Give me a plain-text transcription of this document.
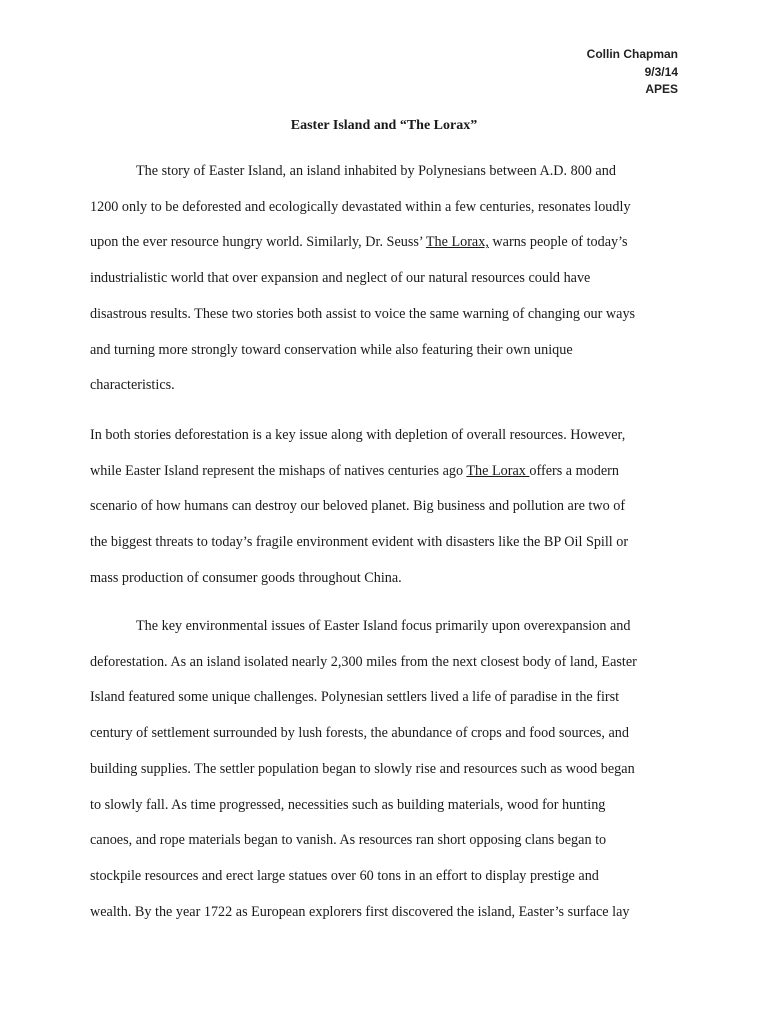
Collin Chapman
9/3/14
APES
Easter Island and “The Lorax”
The story of Easter Island, an island inhabited by Polynesians between A.D. 800 and
1200 only to be deforested and ecologically devastated within a few centuries, resonates loudly
upon the ever resource hungry world. Similarly, Dr. Seuss’ The Lorax, warns people of today’s
industrialistic world that over expansion and neglect of our natural resources could have
disastrous results. These two stories both assist to voice the same warning of changing our ways
and turning more strongly toward conservation while also featuring their own unique
characteristics.
In both stories deforestation is a key issue along with depletion of overall resources. However,
while Easter Island represent the mishaps of natives centuries ago The Lorax offers a modern
scenario of how humans can destroy our beloved planet. Big business and pollution are two of
the biggest threats to today’s fragile environment evident with disasters like the BP Oil Spill or
mass production of consumer goods throughout China.
The key environmental issues of Easter Island focus primarily upon overexpansion and
deforestation. As an island isolated nearly 2,300 miles from the next closest body of land, Easter
Island featured some unique challenges. Polynesian settlers lived a life of paradise in the first
century of settlement surrounded by lush forests, the abundance of crops and food sources, and
building supplies. The settler population began to slowly rise and resources such as wood began
to slowly fall. As time progressed, necessities such as building materials, wood for hunting
canoes, and rope materials began to vanish. As resources ran short opposing clans began to
stockpile resources and erect large statues over 60 tons in an effort to display prestige and
wealth. By the year 1722 as European explorers first discovered the island, Easter’s surface lay
